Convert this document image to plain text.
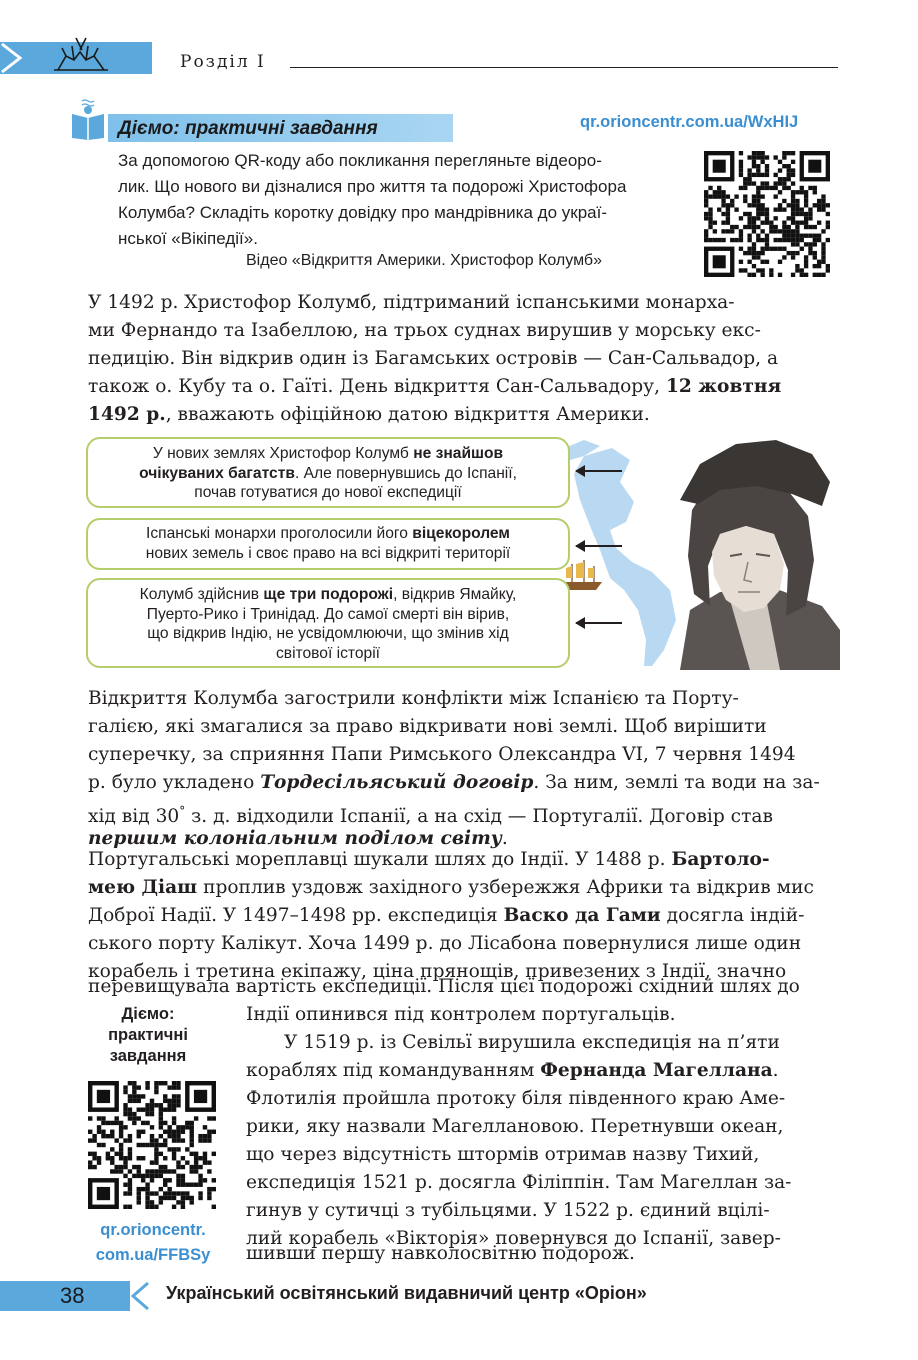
Розділ I
Діємо: практичні завдання	qr.orioncentr.com.ua/WxHIJ
За допомогою QR-коду або покликання перегляньте відеоро-
лик. Що нового ви дізналися про життя та подорожі Христофора
Колумба? Складіть коротку довідку про мандрівника до украї-
нської «Вікіпедії».
Відео «Відкриття Америки. Христофор Колумб»
У 1492 р. Христофор Колумб, підтриманий іспанськими монарха-
ми Фернандо та Ізабеллою, на трьох суднах вирушив у морську екс-
педицію. Він відкрив один із Багамських островів — Сан-Сальвадор, а
також о. Кубу та о. Гаїті. День відкриття Сан-Сальвадору, 12 жовтня
1492 р., вважають офіційною датою відкриття Америки.
У нових землях Христофор Колумб не знайшов
очікуваних багатств. Але повернувшись до Іспанії,
почав готуватися до нової експедиції
Іспанські монархи проголосили його віцекоролем
нових земель і своє право на всі відкриті території
Колумб здійснив ще три подорожі, відкрив Ямайку,
Пуерто-Рико і Тринідад. До самої смерті він вірив,
що відкрив Індію, не усвідомлюючи, що змінив хід
світової історії
Відкриття Колумба загострили конфлікти між Іспанією та Порту-
галією, які змагалися за право відкривати нові землі. Щоб вирішити
суперечку, за сприяння Папи Римського Олександра VI, 7 червня 1494
р. було укладено Тордесільяський договір. За ним, землі та води на за-
хід від 30° з. д. відходили Іспанії, а на схід — Португалії. Договір став
першим колоніальним поділом світу.
Португальські мореплавці шукали шлях до Індії. У 1488 р. Бартоло-
мею Діаш проплив уздовж західного узбережжя Африки та відкрив мис
Доброї Надії. У 1497–1498 рр. експедиція Васко да Гами досягла індій-
ського порту Калікут. Хоча 1499 р. до Лісабона повернулися лише один
корабель і третина екіпажу, ціна прянощів, привезених з Індії, значно
перевищувала вартість експедиції. Після цієї подорожі східний шлях до
Індії опинився під контролем португальців.
У 1519 р. із Севільї вирушила експедиція на п’яти
кораблях під командуванням Фернанда Магеллана.
Флотилія пройшла протоку біля південного краю Аме-
рики, яку назвали Магеллановою. Перетнувши океан,
що через відсутність штормів отримав назву Тихий,
експедиція 1521 р. досягла Філіппін. Там Магеллан за-
гинув у сутичці з тубільцями. У 1522 р. єдиний вцілі-
лий корабель «Вікторія» повернувся до Іспанії, завер-
шивши першу навколосвітню подорож.
Діємо:
практичні
завдання
qr.orioncentr.
com.ua/FFBSy
38	Український освітянський видавничий центр «Оріон»
